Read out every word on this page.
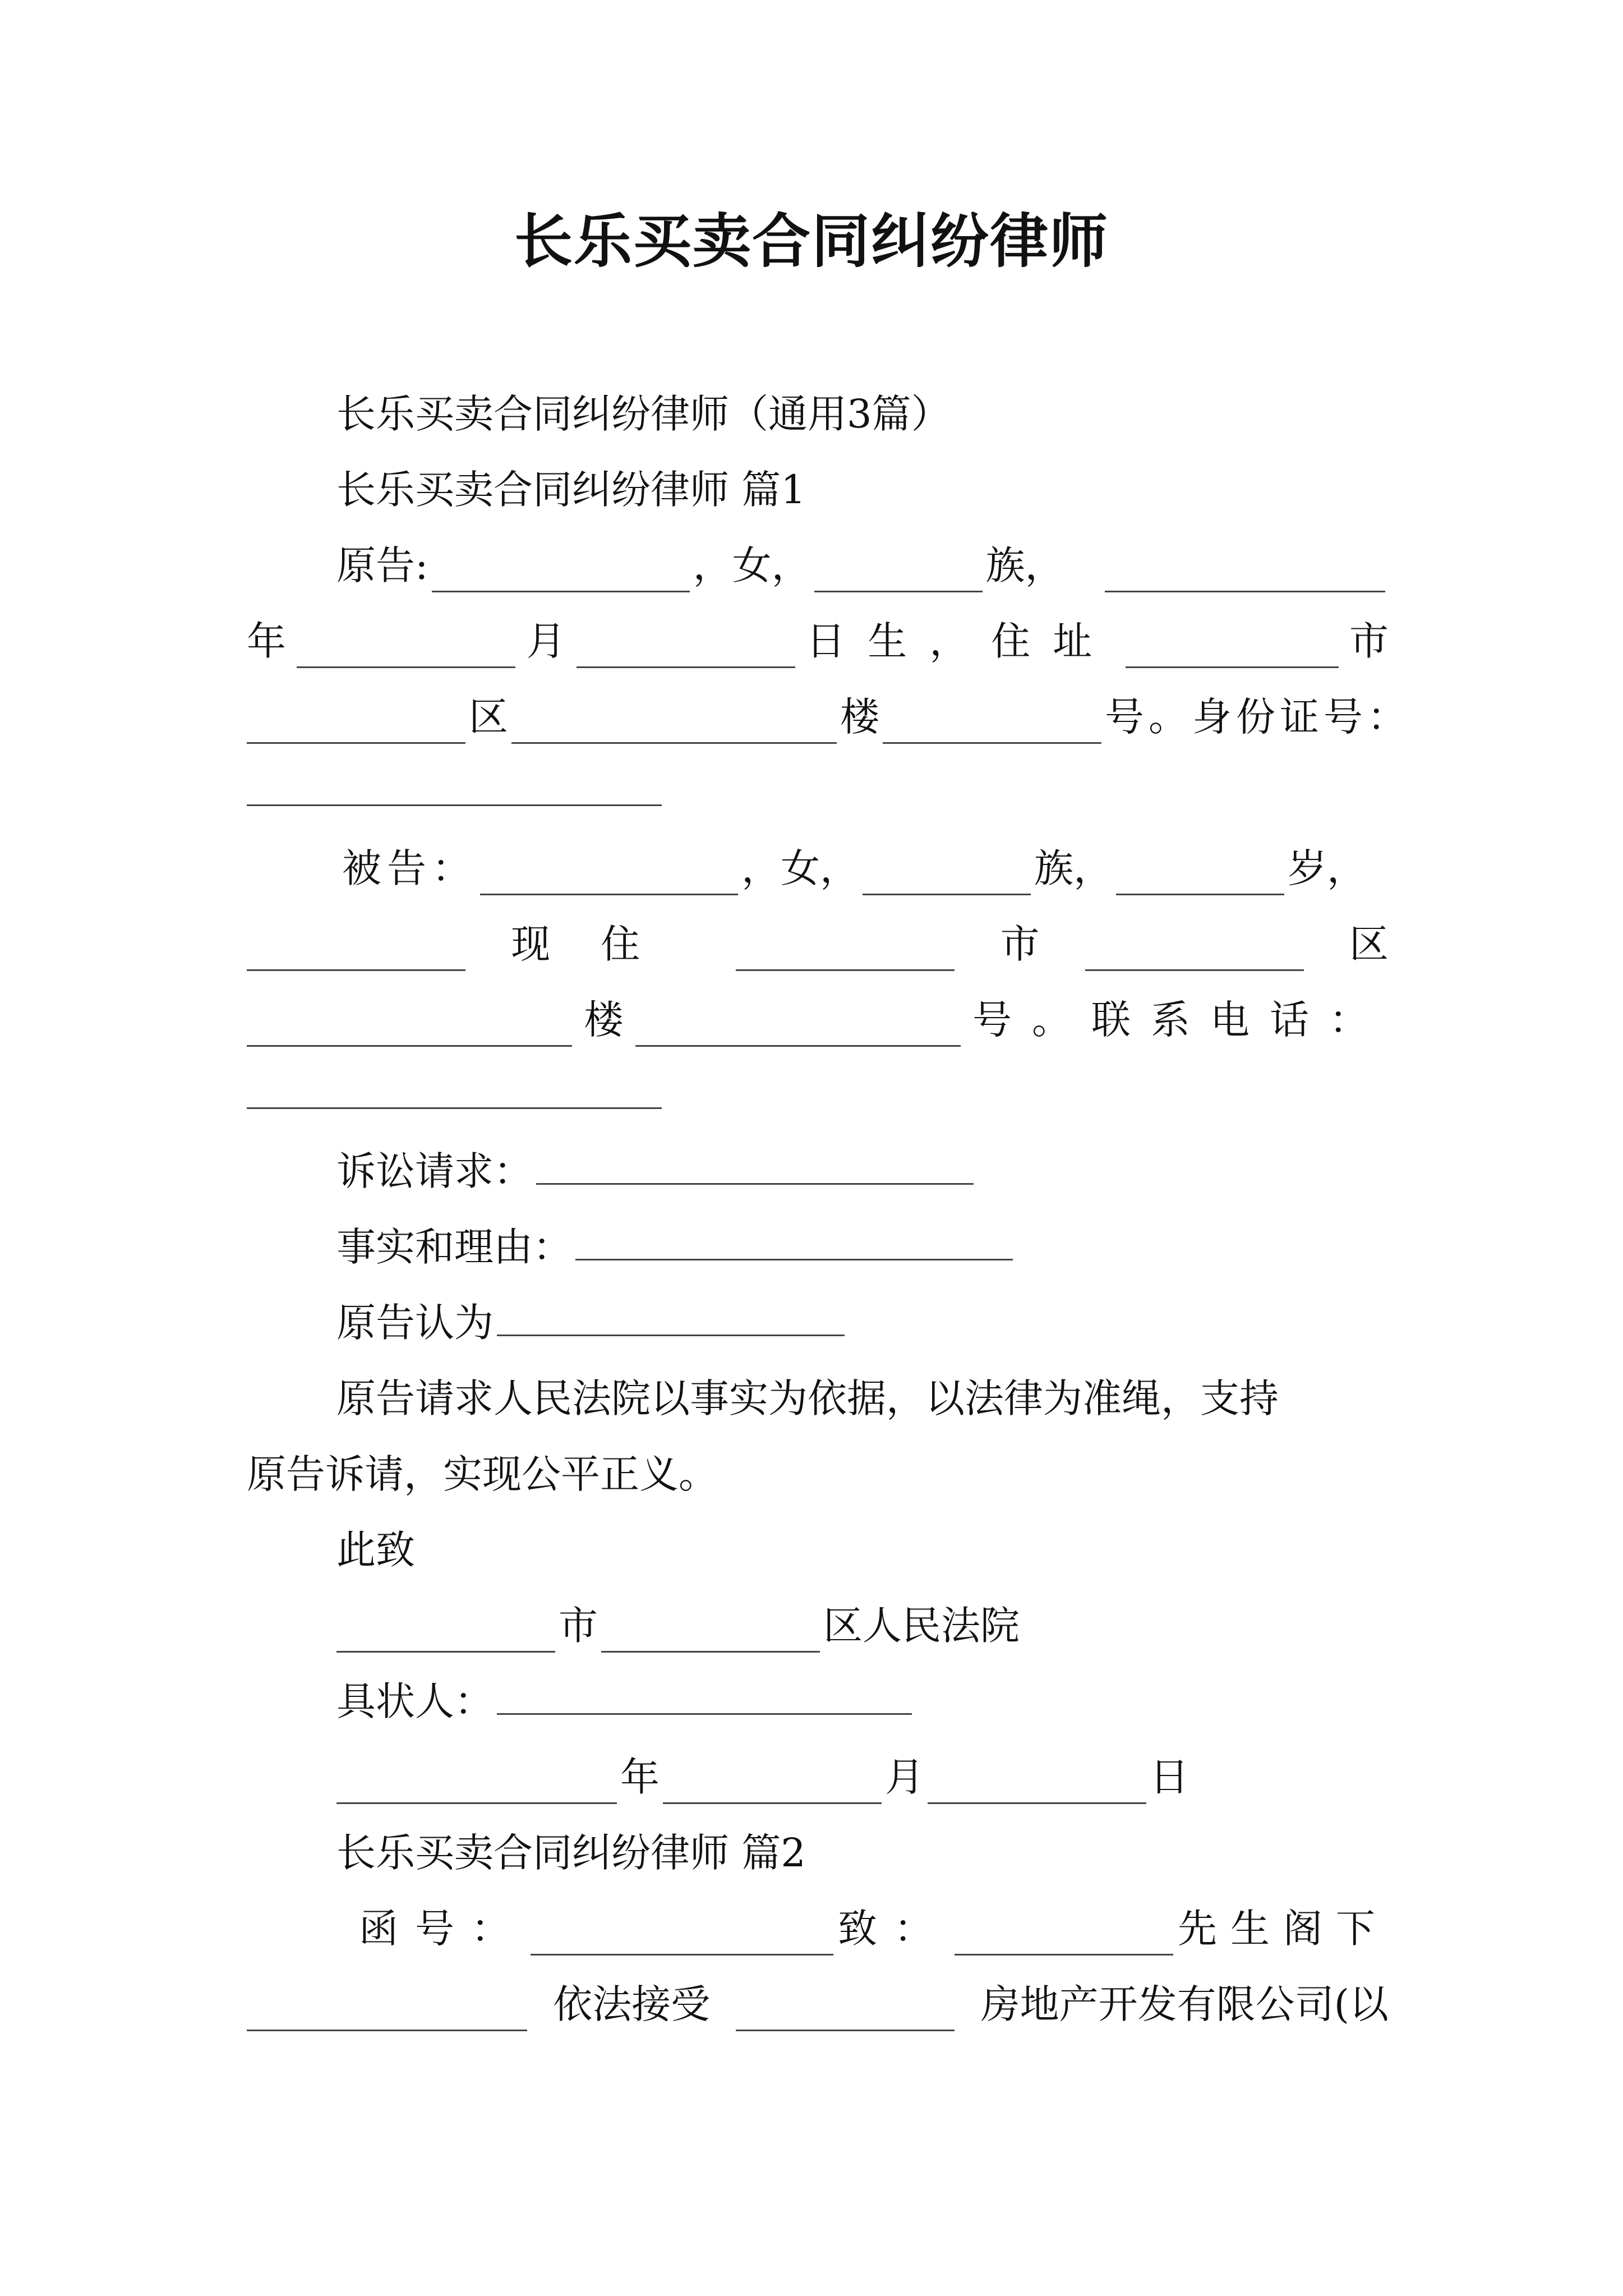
长乐买卖合同纠纷律师
长乐买卖合同纠纷律师（通用3篇）
长乐买卖合同纠纷律师 篇1
原告:	，女，	族，
年	月	日生，住址	市
区	楼	号。身份证号：
被告：	，女，	族，	岁，
现住	市	区
楼	号。联系电话：
诉讼请求：
事实和理由：
原告认为
原告请求人民法院以事实为依据，以法律为准绳，支持
原告诉请，实现公平正义。
此致
市	区人民法院
具状人：
年	月	日
长乐买卖合同纠纷律师 篇2
函号：	致：	先生阁下
依法接受	房地产开发有限公司(以
